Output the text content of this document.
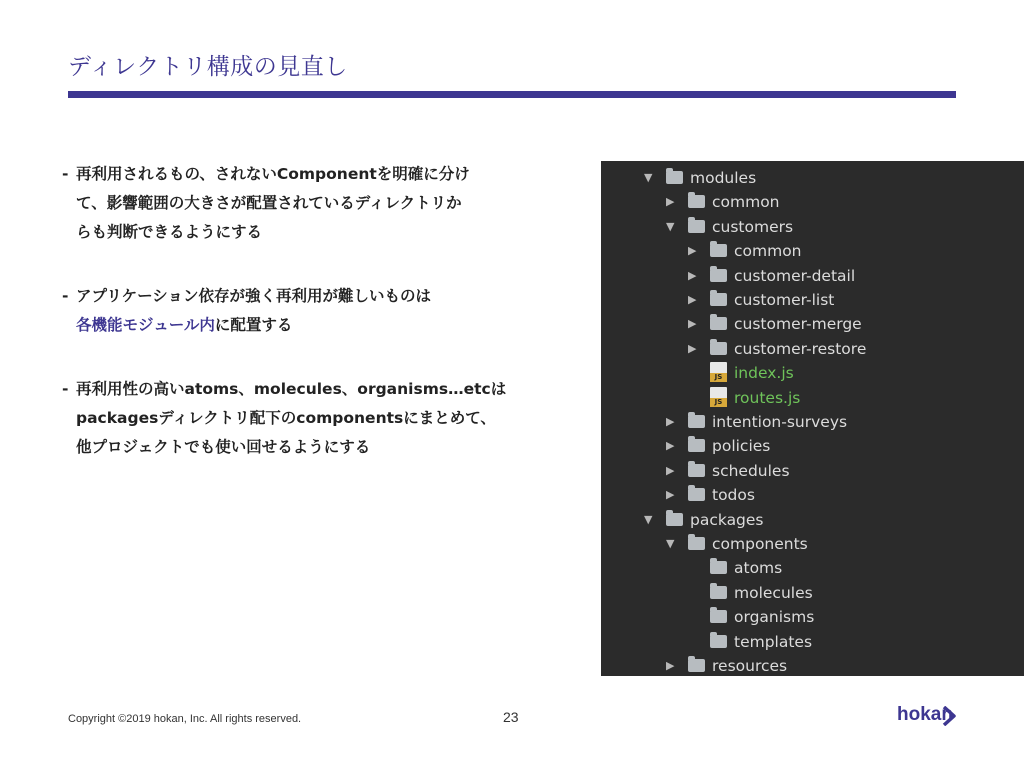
ディレクトリ構成の見直し
- 再利用されるもの、されないComponentを明確に分け
て、影響範囲の大きさが配置されているディレクトリか
らも判断できるようにする
- アプリケーション依存が強く再利用が難しいものは
各機能モジュール内に配置する
- 再利用性の高いatoms、molecules、organisms…etcは
packagesディレクトリ配下のcomponentsにまとめて、
他プロジェクトでも使い回せるようにする
▼ modules
▶ common
▼ customers
▶ common
▶ customer-detail
▶ customer-list
▶ customer-merge
▶ customer-restore
JS index.js
JS routes.js
▶ intention-surveys
▶ policies
▶ schedules
▶ todos
▼ packages
▼ components
atoms
molecules
organisms
templates
▶ resources
Copyright ©2019 hokan, Inc. All rights reserved.	23	hokan
